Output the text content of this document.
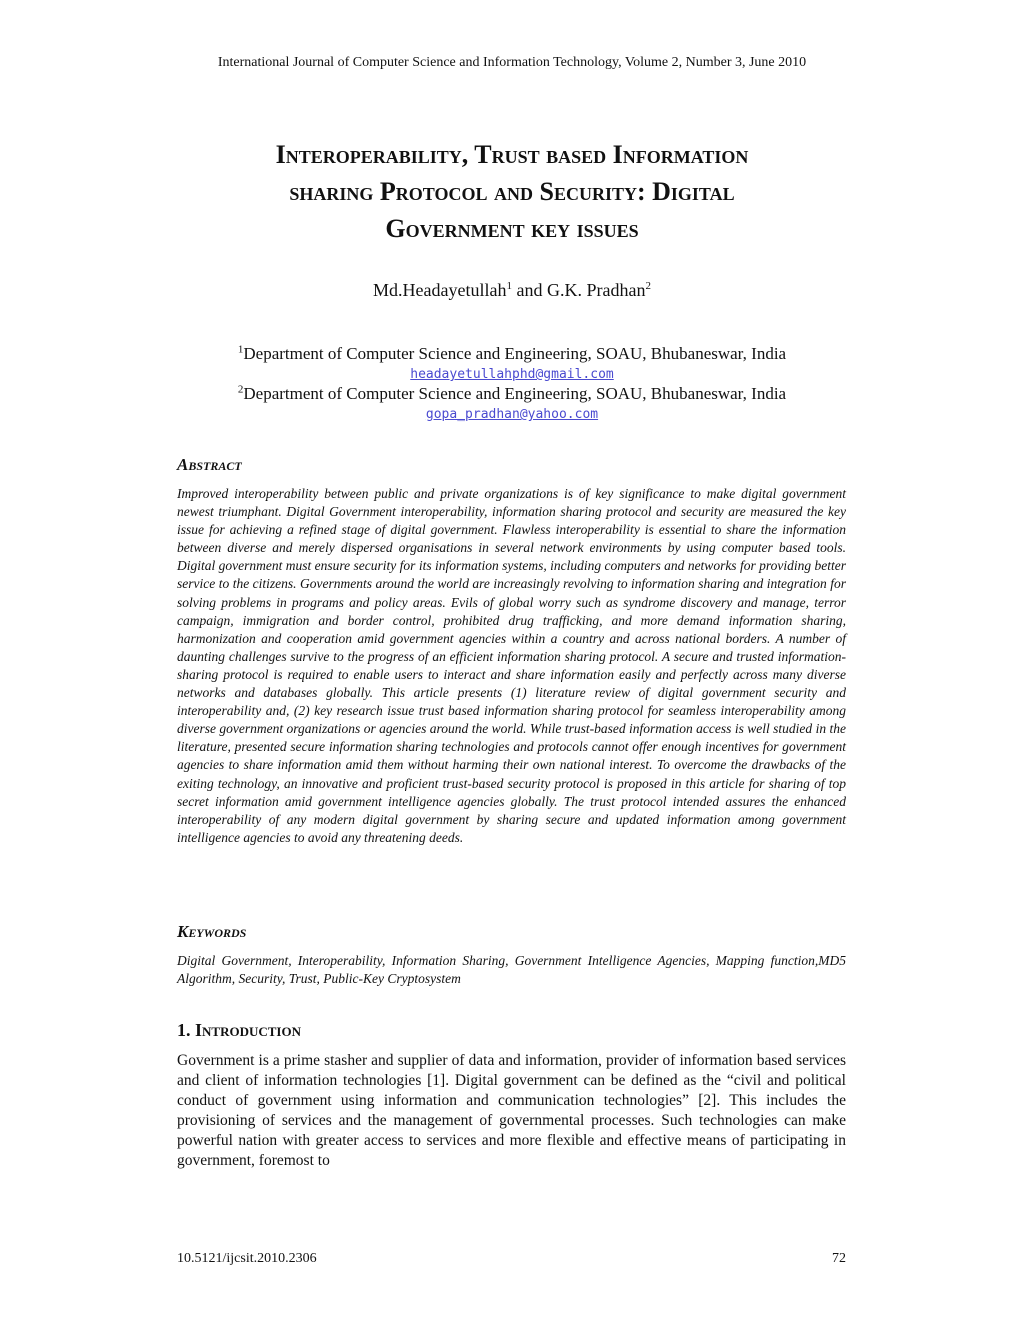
International Journal of Computer Science and Information Technology, Volume 2, Number 3, June 2010
Interoperability, Trust based Information
sharing Protocol and Security: Digital
Government key issues
Md.Headayetullah$^1$ and G.K. Pradhan$^2$
$^1$Department of Computer Science and Engineering, SOAU, Bhubaneswar, India
headayetullahphd@gmail.com
$^2$Department of Computer Science and Engineering, SOAU, Bhubaneswar, India
gopa_pradhan@yahoo.com
Abstract

Improved interoperability between public and private organizations is of key significance to make digital government newest triumphant. Digital Government interoperability, information sharing protocol and security are measured the key issue for achieving a refined stage of digital government. Flawless interoperability is essential to share the information between diverse and merely dispersed organisations in several network environments by using computer based tools. Digital government must ensure security for its information systems, including computers and networks for providing better service to the citizens. Governments around the world are increasingly revolving to information sharing and integration for solving problems in programs and policy areas. Evils of global worry such as syndrome discovery and manage, terror campaign, immigration and border control, prohibited drug trafficking, and more demand information sharing, harmonization and cooperation amid government agencies within a country and across national borders. A number of daunting challenges survive to the progress of an efficient information sharing protocol. A secure and trusted information-sharing protocol is required to enable users to interact and share information easily and perfectly across many diverse networks and databases globally. This article presents (1) literature review of digital government security and interoperability and, (2) key research issue trust based information sharing protocol for seamless interoperability among diverse government organizations or agencies around the world. While trust-based information access is well studied in the literature, presented secure information sharing technologies and protocols cannot offer enough incentives for government agencies to share information amid them without harming their own national interest. To overcome the drawbacks of the exiting technology, an innovative and proficient trust-based security protocol is proposed in this article for sharing of top secret information amid government intelligence agencies globally. The trust protocol intended assures the enhanced interoperability of any modern digital government by sharing secure and updated information among government intelligence agencies to avoid any threatening deeds.

Keywords

Digital Government, Interoperability, Information Sharing, Government Intelligence Agencies, Mapping function,MD5 Algorithm, Security, Trust, Public-Key Cryptosystem

1. Introduction

Government is a prime stasher and supplier of data and information, provider of information based services and client of information technologies [1]. Digital government can be defined as the “civil and political conduct of government using information and communication technologies” [2]. This includes the provisioning of services and the management of governmental processes. Such technologies can make powerful nation with greater access to services and more flexible and effective means of participating in government, foremost to

10.5121/ijcsit.2010.2306	72
